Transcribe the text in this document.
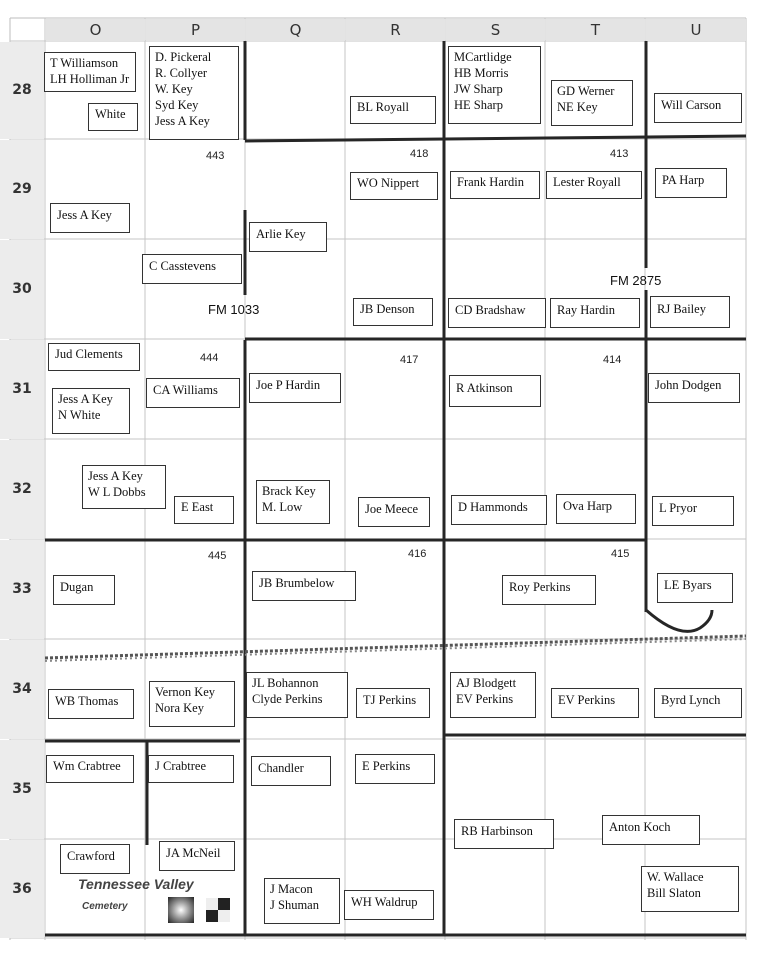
O	P	Q	R	S	T	U
28
29
30
31
32
33
34
35
36
T Williamson
LH Holliman Jr
White
D. Pickeral
R. Collyer
W. Key
Syd Key
Jess A Key
BL Royall
MCartlidge
HB Morris
JW Sharp
HE Sharp
GD Werner
NE Key	Will Carson
WO Nippert	Frank Hardin	Lester Royall	PA Harp
Jess A Key
Arlie Key
C Casstevens
JB Denson	CD Bradshaw	Ray Hardin	RJ Bailey
Jud Clements
Joe P Hardin	R Atkinson	John Dodgen
CA Williams
Jess A Key
N White
Jess A Key
W L Dobbs	Brack Key
M. Low
E East	Joe Meece	D Hammonds	Ova Harp	L Pryor
JB Brumbelow
Dugan	Roy Perkins	LE Byars
JL Bohannon
Clyde Perkins
WB Thomas
Vernon Key
Nora Key
TJ Perkins
AJ Blodgett
EV Perkins	EV Perkins	Byrd Lynch
Wm Crabtree	J Crabtree	Chandler	E Perkins
RB Harbinson	Anton Koch
Crawford	JA McNeil
J Macon
J Shuman	WH Waldrup
W. Wallace
Bill Slaton
443	418	413
444	417	414
445	416	415
FM 1033
FM 2875
Tennessee Valley
Cemetery
